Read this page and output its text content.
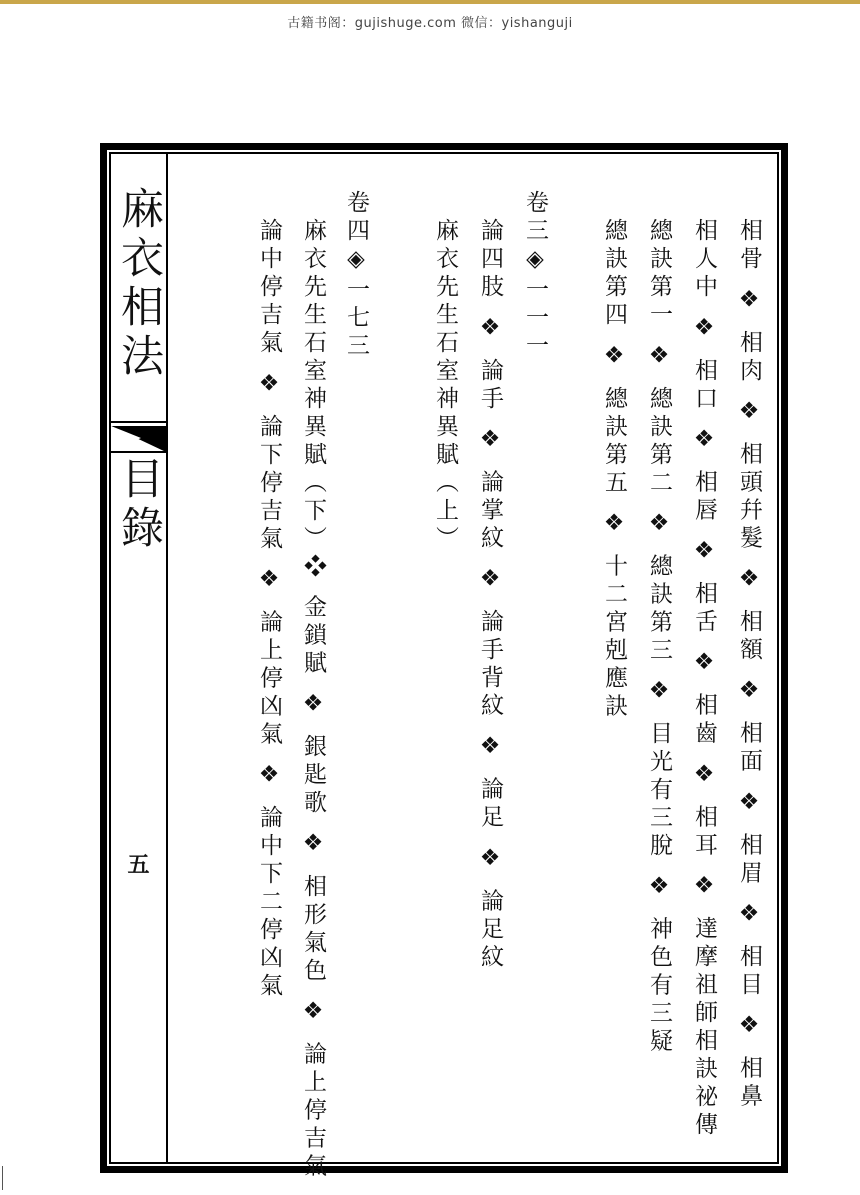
古籍书阁：gujishuge.com 微信：yishanguji
麻衣相法
目錄
五	相骨 ❖ 相肉 ❖ 相頭幷髮 ❖ 相額 ❖ 相面 ❖ 相眉 ❖ 相目 ❖ 相鼻
相人中 ❖ 相口 ❖ 相唇 ❖ 相舌 ❖ 相齒 ❖ 相耳 ❖ 達摩祖師相訣祕傳
總訣第一 ❖ 總訣第二 ❖ 總訣第三 ❖ 目光有三脫 ❖ 神色有三疑
總訣第四 ❖ 總訣第五 ❖ 十二宮剋應訣
卷三◈一一一
論四肢 ❖ 論手 ❖ 論掌紋 ❖ 論手背紋 ❖ 論足 ❖ 論足紋
麻衣先生石室神異賦（上）
卷四◈一七三
麻衣先生石室神異賦（下）❖ 金鎖賦 ❖ 銀匙歌 ❖ 相形氣色 ❖ 論上停吉氣
論中停吉氣 ❖ 論下停吉氣 ❖ 論上停凶氣 ❖ 論中下二停凶氣
